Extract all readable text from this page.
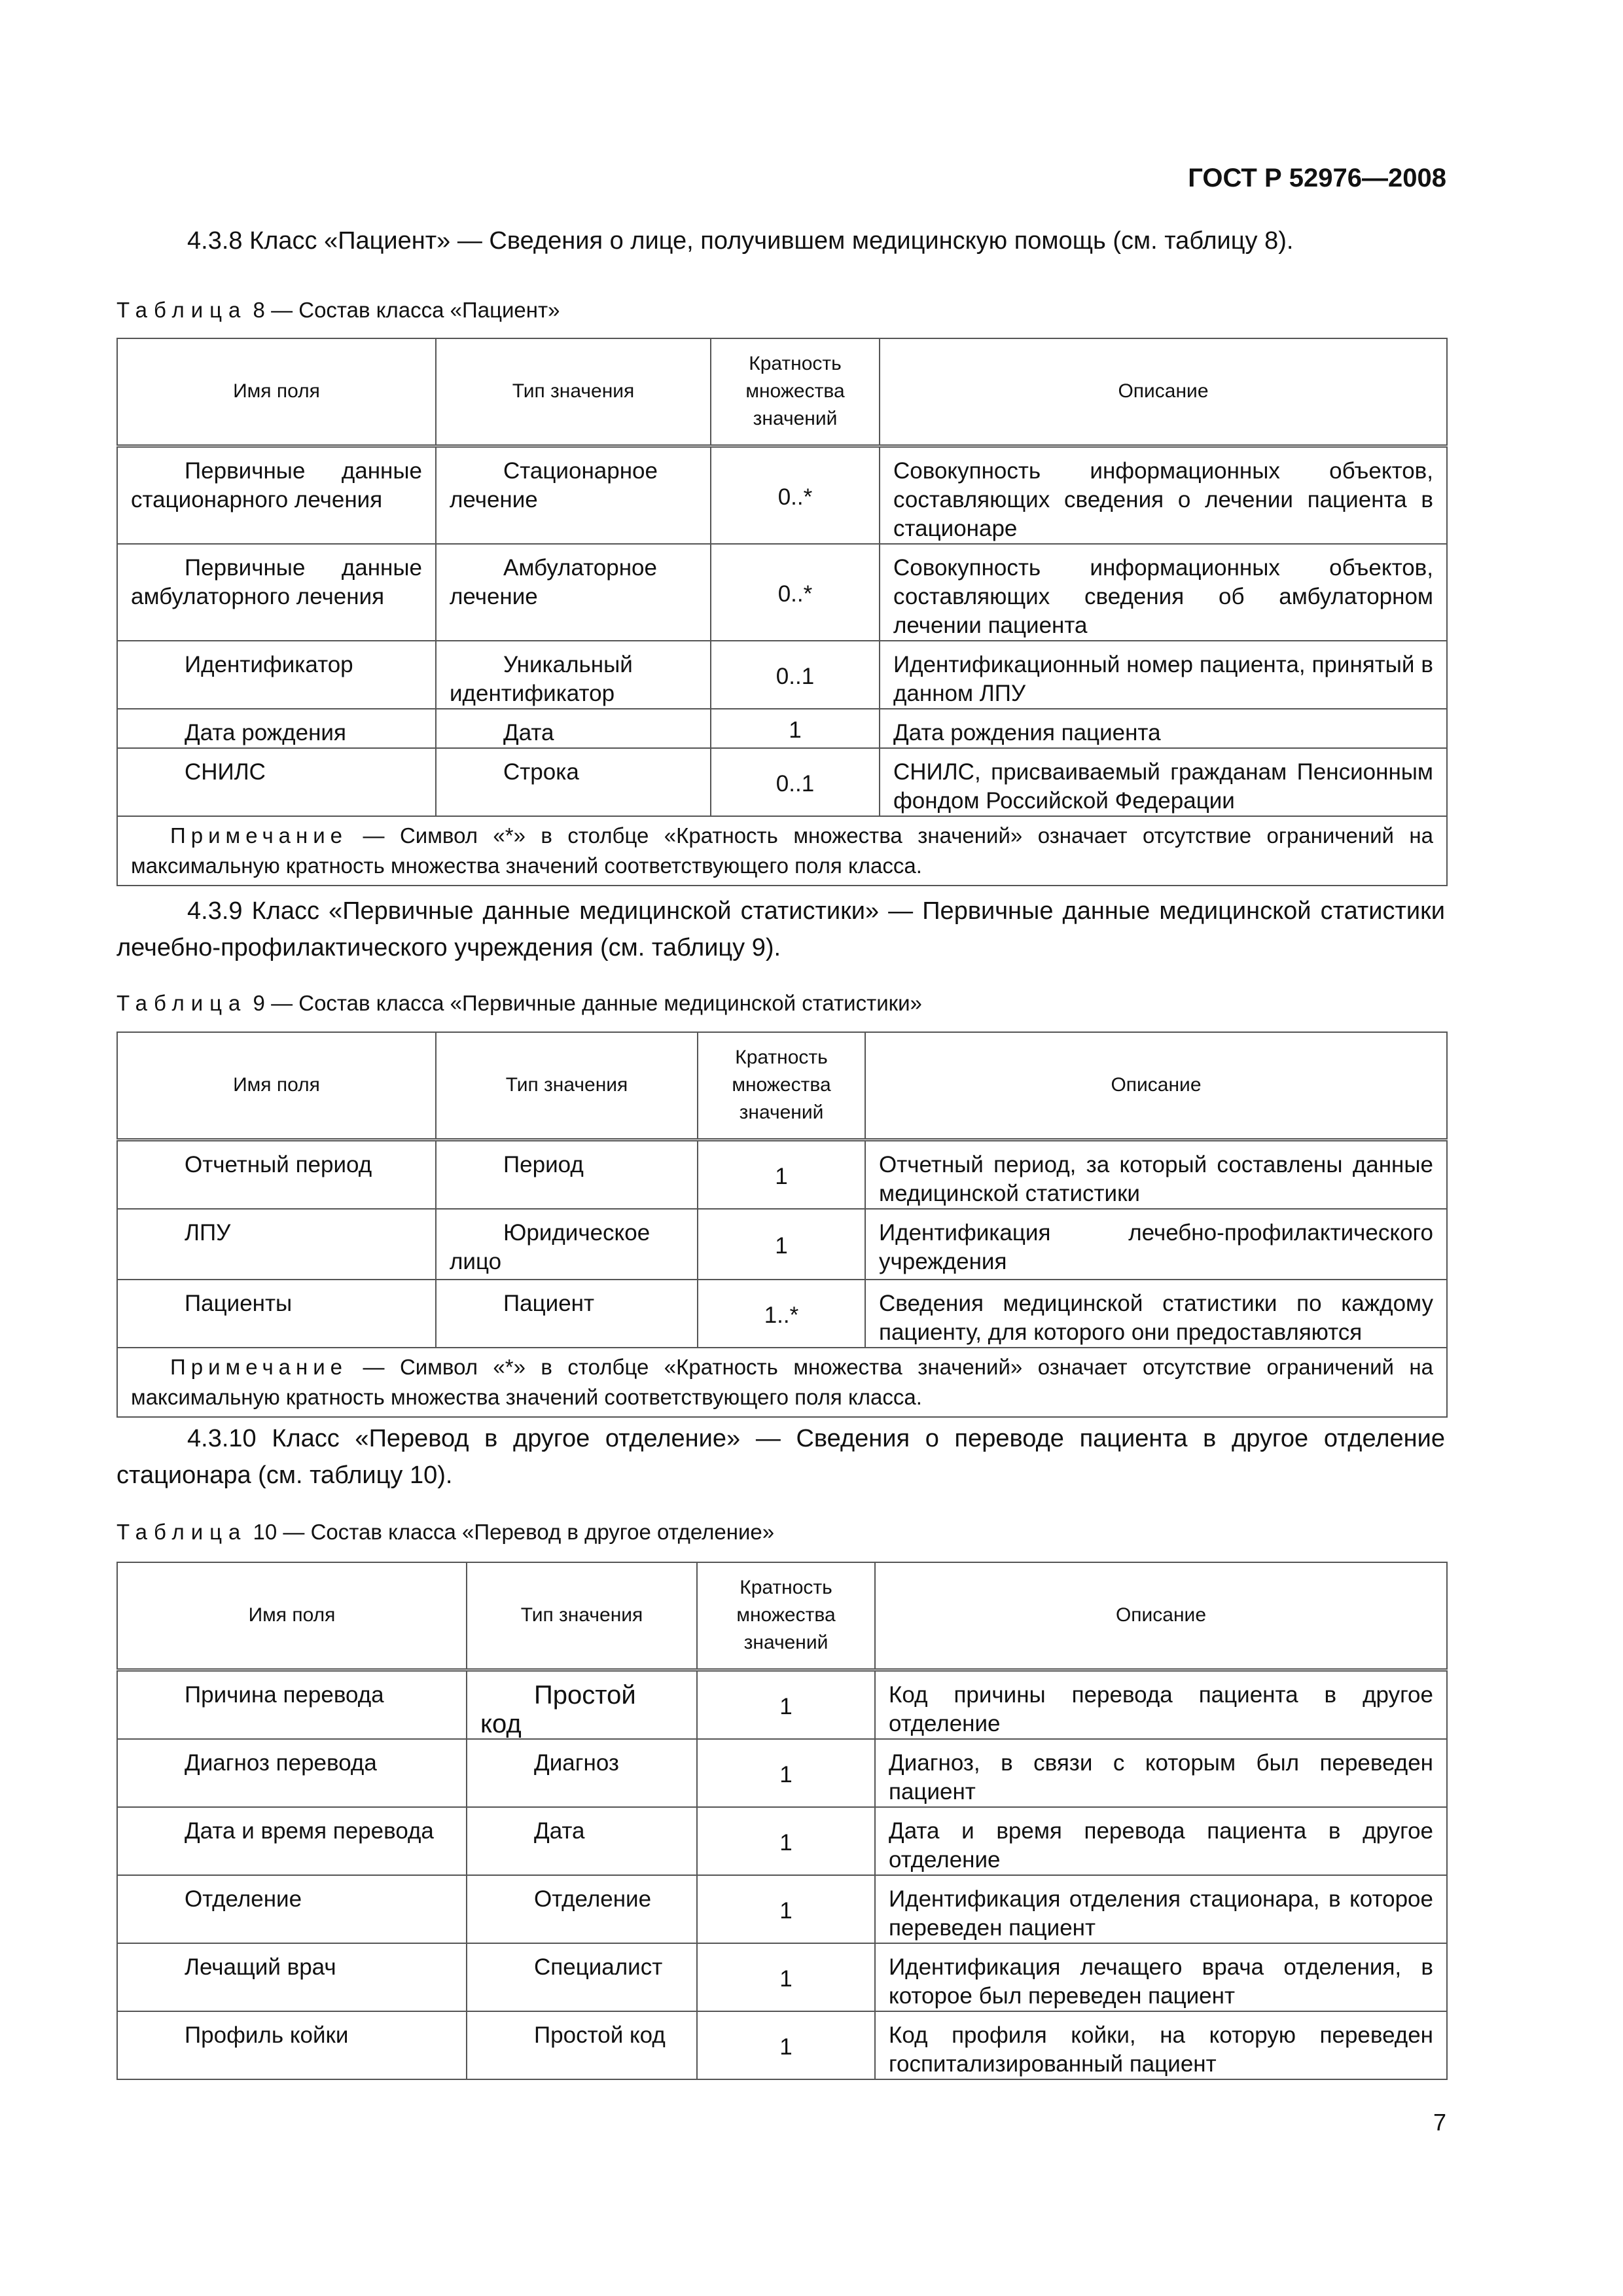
ГОСТ Р 52976—2008

4.3.8 Класс «Пациент» — Сведения о лице, получившем медицинскую помощь (см. таблицу 8).

Таблица 8 — Состав класса «Пациент»
Имя поля	Тип значения	Кратность множества значений	Описание
Первичные данные стационарного лечения	Стационарное лечение	0..*	Совокупность информационных объектов, составляющих сведения о лечении пациента в стационаре
Первичные данные амбулаторного лечения	Амбулаторное лечение	0..*	Совокупность информационных объектов, составляющих сведения об амбулаторном лечении пациента
Идентификатор	Уникальный идентификатор	0..1	Идентификационный номер пациента, принятый в данном ЛПУ
Дата рождения	Дата	1	Дата рождения пациента
СНИЛС	Строка	0..1	СНИЛС, присваиваемый гражданам Пенсионным фондом Российской Федерации
Примечание — Символ «*» в столбце «Кратность множества значений» означает отсутствие ограничений на максимальную кратность множества значений соответствующего поля класса.			

4.3.9 Класс «Первичные данные медицинской статистики» — Первичные данные медицинской статистики лечебно-профилактического учреждения (см. таблицу 9).

Таблица 9 — Состав класса «Первичные данные медицинской статистики»
Имя поля	Тип значения	Кратность множества значений	Описание
Отчетный период	Период	1	Отчетный период, за который составлены данные медицинской статистики
ЛПУ	Юридическое лицо	1	Идентификация лечебно-профилактического учреждения
Пациенты	Пациент	1..*	Сведения медицинской статистики по каждому пациенту, для которого они предоставляются
Примечание — Символ «*» в столбце «Кратность множества значений» означает отсутствие ограничений на максимальную кратность множества значений соответствующего поля класса.			

4.3.10 Класс «Перевод в другое отделение» — Сведения о переводе пациента в другое отделение стационара (см. таблицу 10).

Таблица 10 — Состав класса «Перевод в другое отделение»
Имя поля	Тип значения	Кратность множества значений	Описание
Причина перевода	Простой код	1	Код причины перевода пациента в другое отделение
Диагноз перевода	Диагноз	1	Диагноз, в связи с которым был переведен пациент
Дата и время перевода	Дата	1	Дата и время перевода пациента в другое отделение
Отделение	Отделение	1	Идентификация отделения стационара, в которое переведен пациент
Лечащий врач	Специалист	1	Идентификация лечащего врача отделения, в которое был переведен пациент
Профиль койки	Простой код	1	Код профиля койки, на которую переведен госпитализированный пациент
7
